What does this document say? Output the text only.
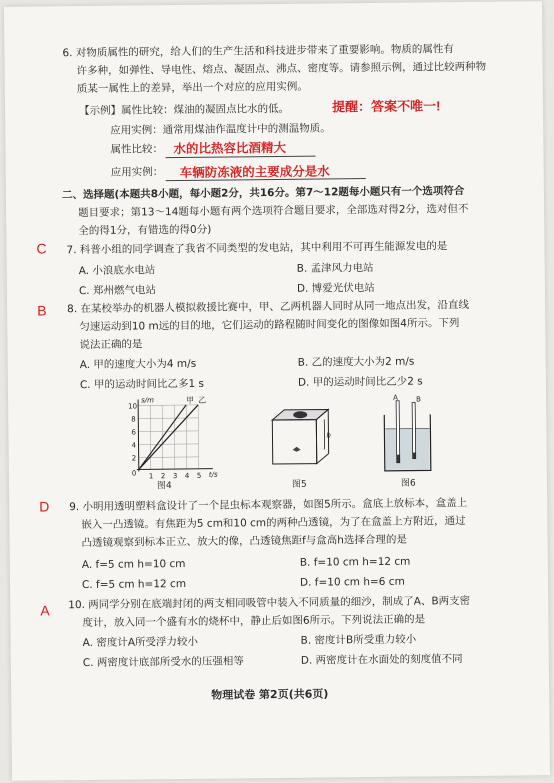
6. 对物质属性的研究，给人们的生产生活和科技进步带来了重要影响。物质的属性有
许多种，如弹性、导电性、熔点、凝固点、沸点、密度等。请参照示例，通过比较两种物
质某一属性上的差异，举出一个对应的应用实例。
【示例】属性比较：煤油的凝固点比水的低。	提醒：答案不唯一!
应用实例：通常用煤油作温度计中的测温物质。
属性比较： 水的比热容比酒精大
应用实例： 车辆防冻液的主要成分是水
二、选择题(本题共8小题，每小题2分，共16分。第7～12题每小题只有一个选项符合
题目要求；第13～14题每小题有两个选项符合题目要求，全部选对得2分，选对但不
全的得1分，有错选的得0分)
C 7. 科普小组的同学调查了我省不同类型的发电站，其中利用不可再生能源发电的是
A. 小浪底水电站	B. 孟津风力电站
C. 郑州燃气电站	D. 博爱光伏电站
B 8. 在某校举办的机器人模拟救援比赛中，甲、乙两机器人同时从同一地点出发，沿直线
匀速运动到10 m远的目的地，它们运动的路程随时间变化的图像如图4所示。下列
说法正确的是
A. 甲的速度大小为4 m/s	B. 乙的速度大小为2 m/s
C. 甲的运动时间比乙多1 s	D. 甲的运动时间比乙少2 s
10
8
6
4
2
0 1 2 3 4 5
s/m
t/s
甲 乙
图4
h
图5
A	B
图6
D 9. 小明用透明塑料盒设计了一个昆虫标本观察器，如图5所示。盒底上放标本，盒盖上
嵌入一凸透镜。有焦距为5 cm和10 cm的两种凸透镜，为了在盒盖上方附近，通过
凸透镜观察到标本正立、放大的像，凸透镜焦距f与盒高h选择合理的是
A. f=5 cm h=10 cm	B. f=10 cm h=12 cm
C. f=5 cm h=12 cm	D. f=10 cm h=6 cm
A 10. 两同学分别在底端封闭的两支相同吸管中装入不同质量的细沙，制成了A、B两支密
度计，放入同一个盛有水的烧杯中，静止后如图6所示。下列说法正确的是
A. 密度计A所受浮力较小	B. 密度计B所受重力较小
C. 两密度计底部所受水的压强相等	D. 两密度计在水面处的刻度值不同
物理试卷 第2页(共6页)
